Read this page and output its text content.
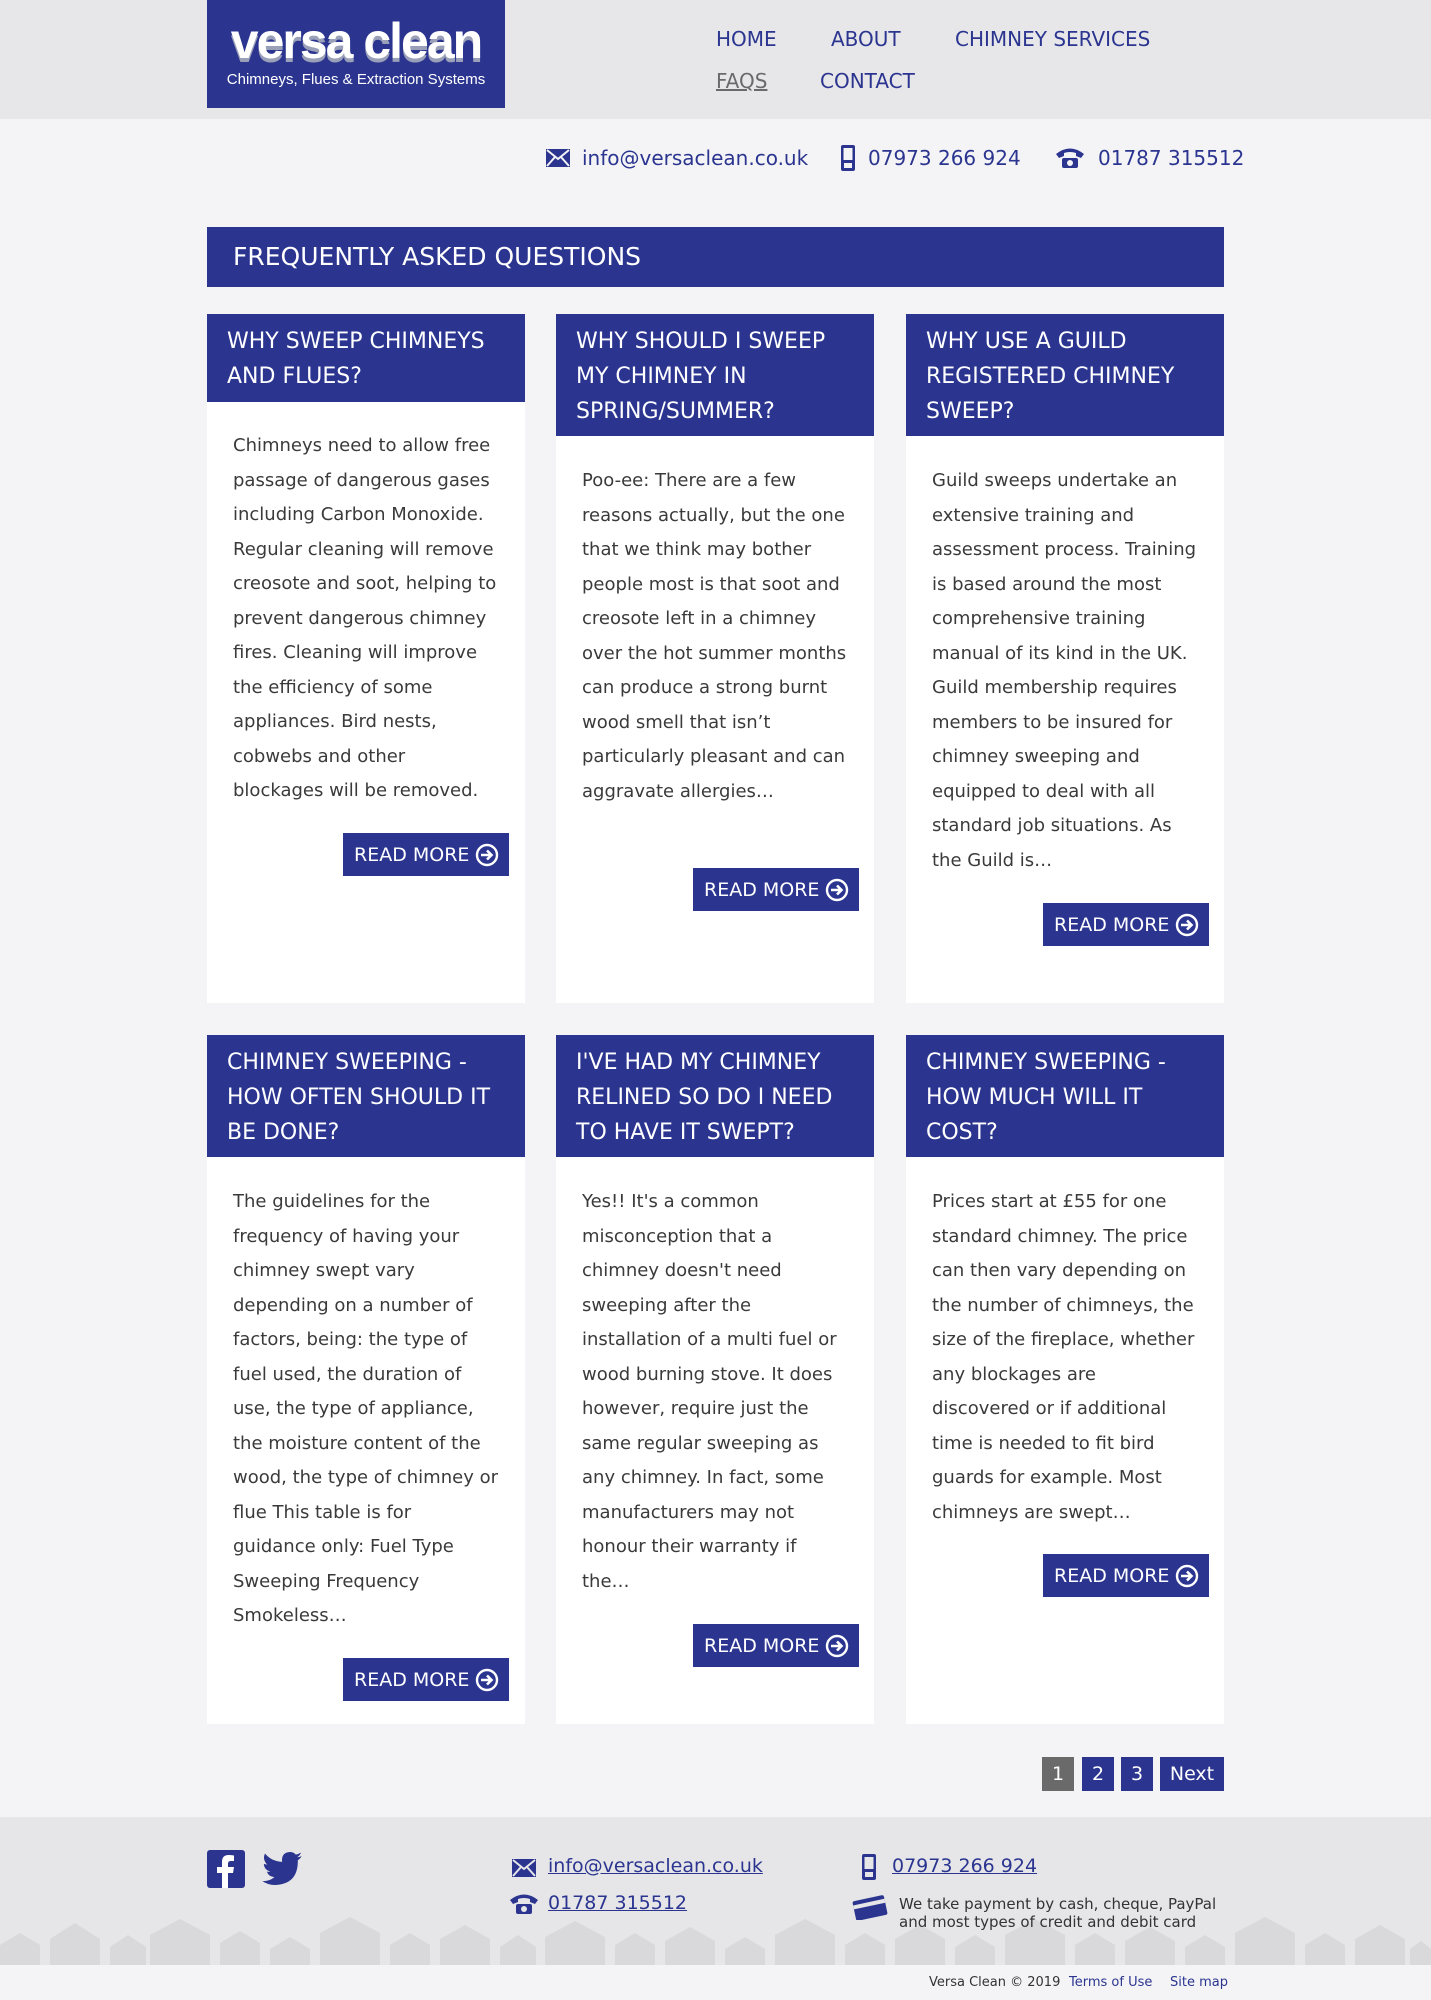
versa clean
Chimneys, Flues & Extraction Systems
HOME	ABOUT	CHIMNEY SERVICES
FAQS	CONTACT
info@versaclean.co.uk	07973 266 924	01787 315512
FREQUENTLY ASKED QUESTIONS
WHY SWEEP CHIMNEYS AND FLUES?
Chimneys need to allow free passage of dangerous gases including Carbon Monoxide. Regular cleaning will remove creosote and soot, helping to prevent dangerous chimney fires. Cleaning will improve the efficiency of some appliances. Bird nests, cobwebs and other blockages will be removed.
READ MORE
WHY SHOULD I SWEEP MY CHIMNEY IN SPRING/SUMMER?
Poo-ee: There are a few reasons actually, but the one that we think may bother people most is that soot and creosote left in a chimney over the hot summer months can produce a strong burnt wood smell that isn’t particularly pleasant and can aggravate allergies…
READ MORE
WHY USE A GUILD REGISTERED CHIMNEY SWEEP?
Guild sweeps undertake an extensive training and assessment process. Training is based around the most comprehensive training manual of its kind in the UK. Guild membership requires members to be insured for chimney sweeping and equipped to deal with all standard job situations. As the Guild is…
READ MORE
CHIMNEY SWEEPING - HOW OFTEN SHOULD IT BE DONE?
The guidelines for the frequency of having your chimney swept vary depending on a number of factors, being: the type of fuel used, the duration of use, the type of appliance, the moisture content of the wood, the type of chimney or flue This table is for guidance only: Fuel Type Sweeping Frequency Smokeless…
READ MORE
I'VE HAD MY CHIMNEY RELINED SO DO I NEED TO HAVE IT SWEPT?
Yes!! It's a common misconception that a chimney doesn't need sweeping after the installation of a multi fuel or wood burning stove. It does however, require just the same regular sweeping as any chimney. In fact, some manufacturers may not honour their warranty if the…
READ MORE
CHIMNEY SWEEPING - HOW MUCH WILL IT COST?
Prices start at £55 for one standard chimney. The price can then vary depending on the number of chimneys, the size of the fireplace, whether any blockages are discovered or if additional time is needed to fit bird guards for example. Most chimneys are swept…
READ MORE
1	2	3	Next
info@versaclean.co.uk
01787 315512
07973 266 924
We take payment by cash, cheque, PayPal and most types of credit and debit card
Versa Clean © 2019 Terms of Use Site map
